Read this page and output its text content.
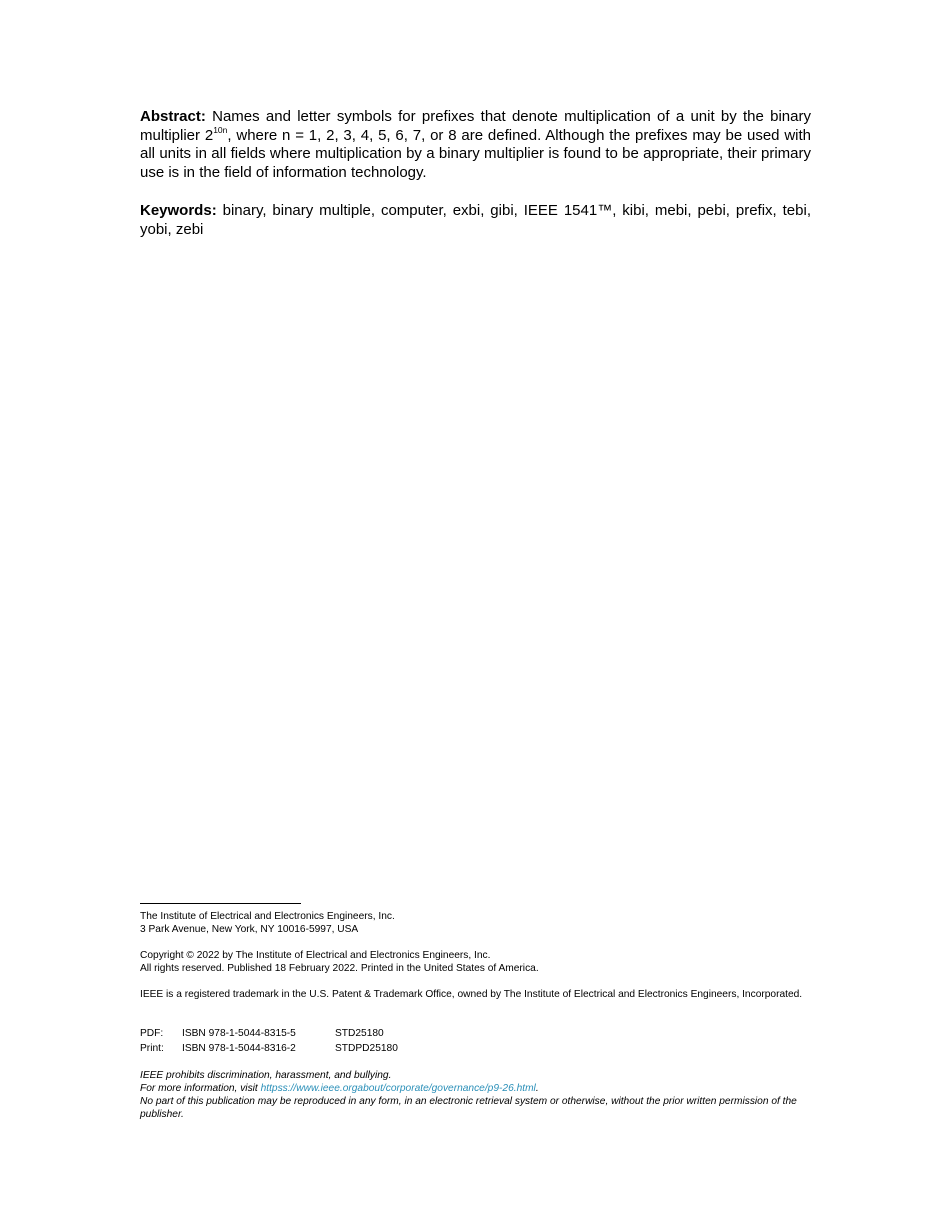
Abstract: Names and letter symbols for prefixes that denote multiplication of a unit by the binary multiplier $2^{10n}$, where n = 1, 2, 3, 4, 5, 6, 7, or 8 are defined. Although the prefixes may be used with all units in all fields where multiplication by a binary multiplier is found to be appropriate, their primary use is in the field of information technology.

Keywords: binary, binary multiple, computer, exbi, gibi, IEEE 1541™, kibi, mebi, pebi, prefix, tebi, yobi, zebi

The Institute of Electrical and Electronics Engineers, Inc.
3 Park Avenue, New York, NY 10016-5997, USA
Copyright © 2022 by The Institute of Electrical and Electronics Engineers, Inc.
All rights reserved. Published 18 February 2022. Printed in the United States of America.
IEEE is a registered trademark in the U.S. Patent & Trademark Office, owned by The Institute of Electrical and Electronics Engineers, Incorporated.
PDF:	ISBN 978-1-5044-8315-5	STD25180
Print:	ISBN 978-1-5044-8316-2	STDPD25180
IEEE prohibits discrimination, harassment, and bullying.
For more information, visit httpss://www.ieee.orgabout/corporate/governance/p9-26.html.
No part of this publication may be reproduced in any form, in an electronic retrieval system or otherwise, without the prior written permission of the publisher.
